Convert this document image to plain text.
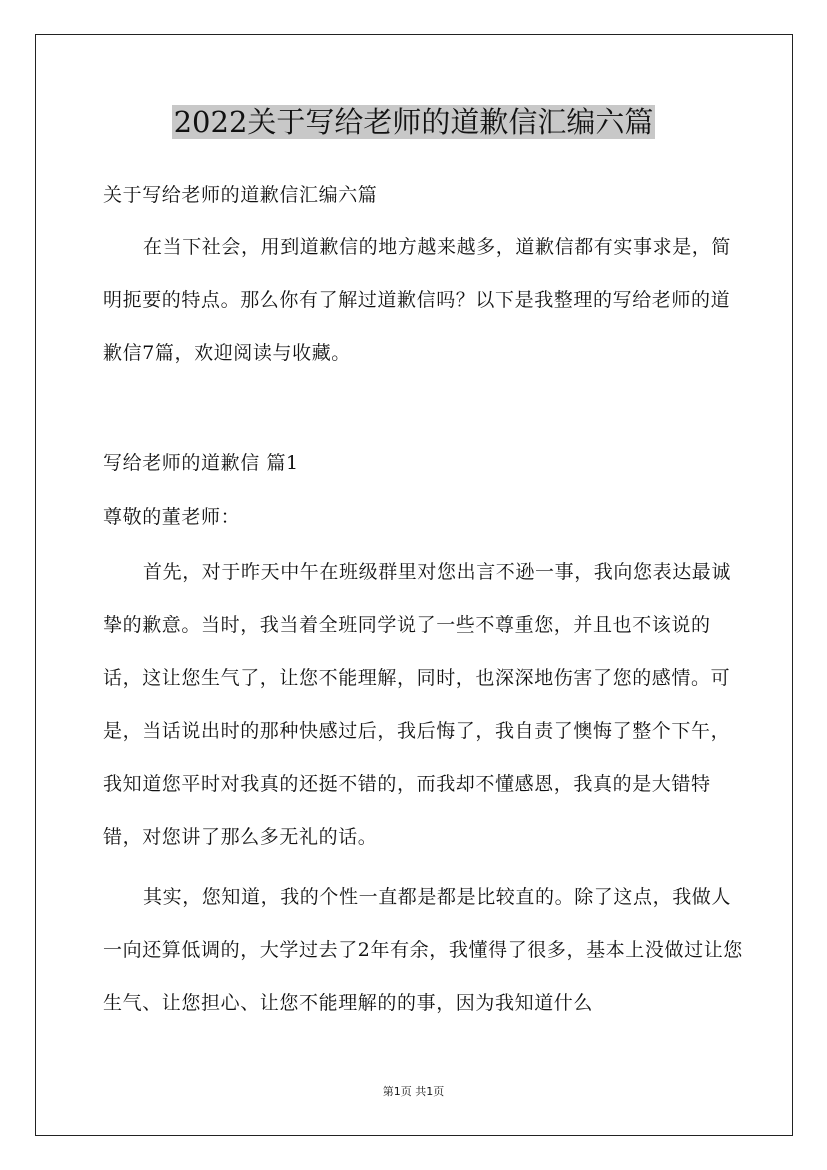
2022关于写给老师的道歉信汇编六篇
关于写给老师的道歉信汇编六篇
在当下社会，用到道歉信的地方越来越多，道歉信都有实事求是，简明扼要的特点。那么你有了解过道歉信吗？以下是我整理的写给老师的道歉信7篇，欢迎阅读与收藏。
写给老师的道歉信 篇1
尊敬的董老师：
首先，对于昨天中午在班级群里对您出言不逊一事，我向您表达最诚挚的歉意。当时，我当着全班同学说了一些不尊重您，并且也不该说的话，这让您生气了，让您不能理解，同时，也深深地伤害了您的感情。可是，当话说出时的那种快感过后，我后悔了，我自责了懊悔了整个下午，我知道您平时对我真的还挺不错的，而我却不懂感恩，我真的是大错特错，对您讲了那么多无礼的话。
其实，您知道，我的个性一直都是都是比较直的。除了这点，我做人一向还算低调的，大学过去了2年有余，我懂得了很多，基本上没做过让您生气、让您担心、让您不能理解的的事，因为我知道什么
第1页 共1页
